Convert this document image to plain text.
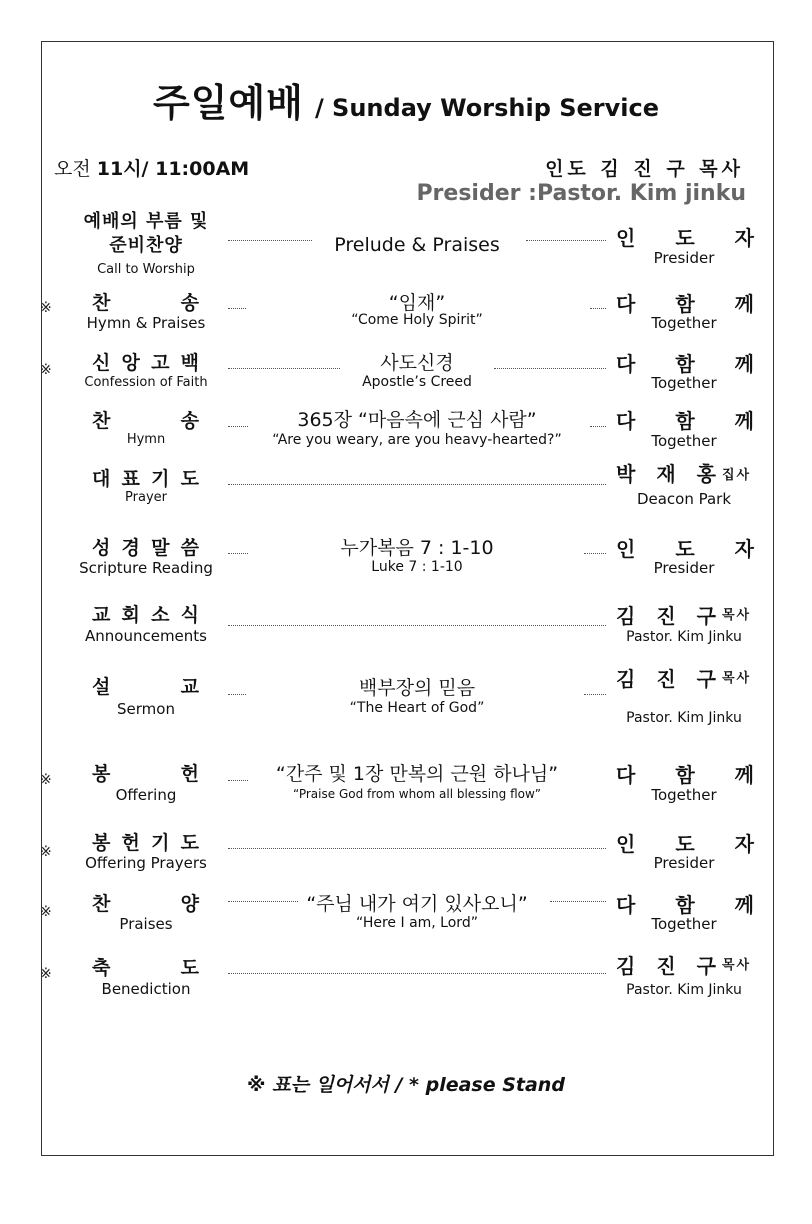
주일예배 / Sunday Worship Service
오전 11시/ 11:00AM	인도 김 진 구 목사
Presider :Pastor. Kim jinku
예배의 부름 및 준비찬양
Call to Worship
Prelude & Praises	인 도 자
Presider
※ 찬 송
Hymn & Praises
“임재”
“Come Holy Spirit”
다 함 께
Together
※ 신 앙 고 백
Confession of Faith
사도신경
Apostle’s Creed
다 함 께
Together
찬 송
Hymn
365장 “마음속에 근심 사람”
“Are you weary, are you heavy-hearted?”
다 함 께
Together
대 표 기 도
Prayer
박 재 홍 집사
Deacon Park
성 경 말 씀
Scripture Reading
누가복음 7 : 1-10
Luke 7 : 1-10
인 도 자
Presider
교 회 소 식
Announcements
김 진 구 목사
Pastor. Kim Jinku
설 교
Sermon
백부장의 믿음
“The Heart of God”
김 진 구 목사
Pastor. Kim Jinku
※ 봉 헌
Offering
“간주 및 1장 만복의 근원 하나님”
“Praise God from whom all blessing flow”
다 함 께
Together
※ 봉 헌 기 도
Offering Prayers
인 도 자
Presider
※ 찬 양
Praises
“주님 내가 여기 있사오니”
“Here I am, Lord”
다 함 께
Together
※ 축 도
Benediction
김 진 구 목사
Pastor. Kim Jinku
※ 표는 일어서서 / * please Stand
